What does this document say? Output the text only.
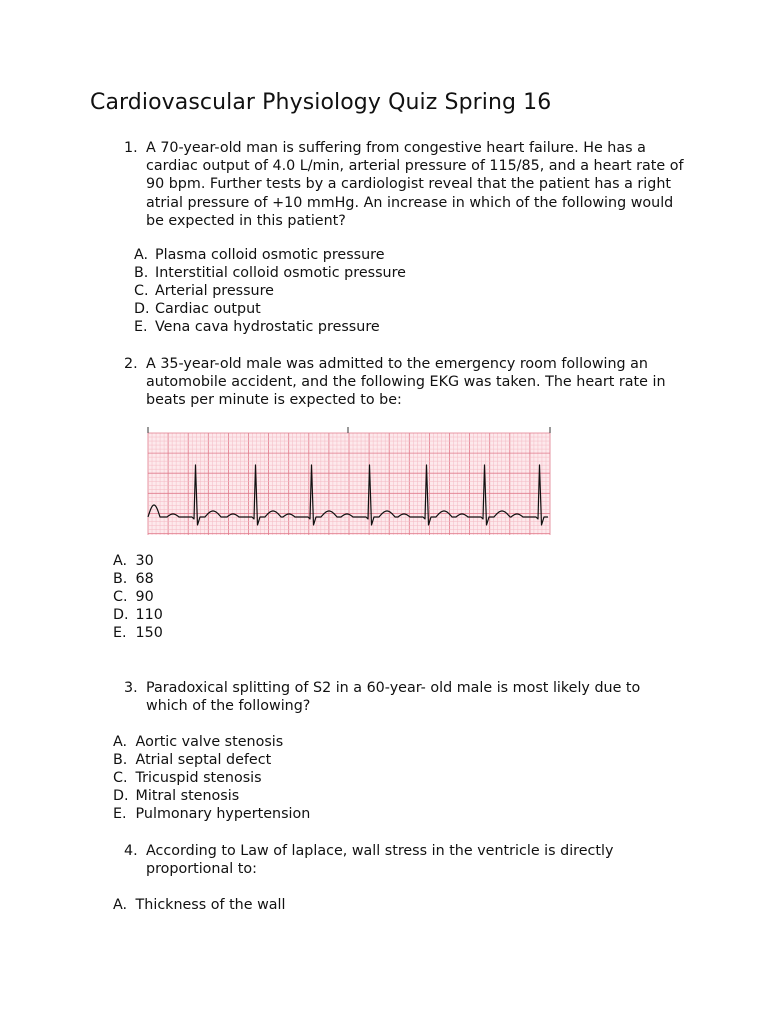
Cardiovascular Physiology Quiz Spring 16
1. A 70-year-old man is suffering from congestive heart failure. He has a cardiac output of 4.0 L/min, arterial pressure of 115/85, and a heart rate of 90 bpm. Further tests by a cardiologist reveal that the patient has a right atrial pressure of +10 mmHg. An increase in which of the following would be expected in this patient?
A. Plasma colloid osmotic pressure
B. Interstitial colloid osmotic pressure
C. Arterial pressure
D. Cardiac output
E. Vena cava hydrostatic pressure
2. A 35-year-old male was admitted to the emergency room following an automobile accident, and the following EKG was taken. The heart rate in beats per minute is expected to be:
A. 30
B. 68
C. 90
D. 110
E. 150
3. Paradoxical splitting of S2 in a 60-year- old male is most likely due to which of the following?
A. Aortic valve stenosis
B. Atrial septal defect
C. Tricuspid stenosis
D. Mitral stenosis
E. Pulmonary hypertension
4. According to Law of laplace, wall stress in the ventricle is directly proportional to:
A. Thickness of the wall
